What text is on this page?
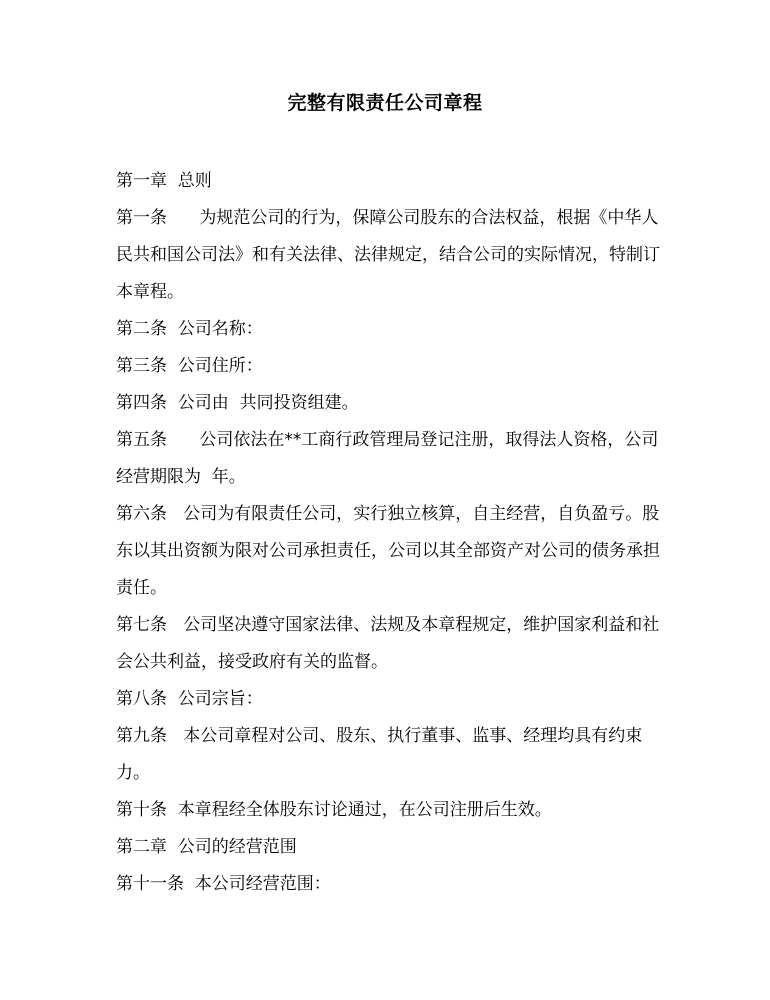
完整有限责任公司章程

第一章  总则

第一条      为规范公司的行为，保障公司股东的合法权益，根据《中华人民共和国公司法》和有关法律、法律规定，结合公司的实际情况，特制订本章程。

第二条  公司名称：

第三条  公司住所：

第四条  公司由  共同投资组建。

第五条      公司依法在**工商行政管理局登记注册，取得法人资格，公司经营期限为  年。

第六条   公司为有限责任公司，实行独立核算，自主经营，自负盈亏。股东以其出资额为限对公司承担责任，公司以其全部资产对公司的债务承担责任。

第七条   公司坚决遵守国家法律、法规及本章程规定，维护国家利益和社会公共利益，接受政府有关的监督。

第八条  公司宗旨：

第九条   本公司章程对公司、股东、执行董事、监事、经理均具有约束力。

第十条  本章程经全体股东讨论通过，在公司注册后生效。

第二章  公司的经营范围

第十一条  本公司经营范围：
